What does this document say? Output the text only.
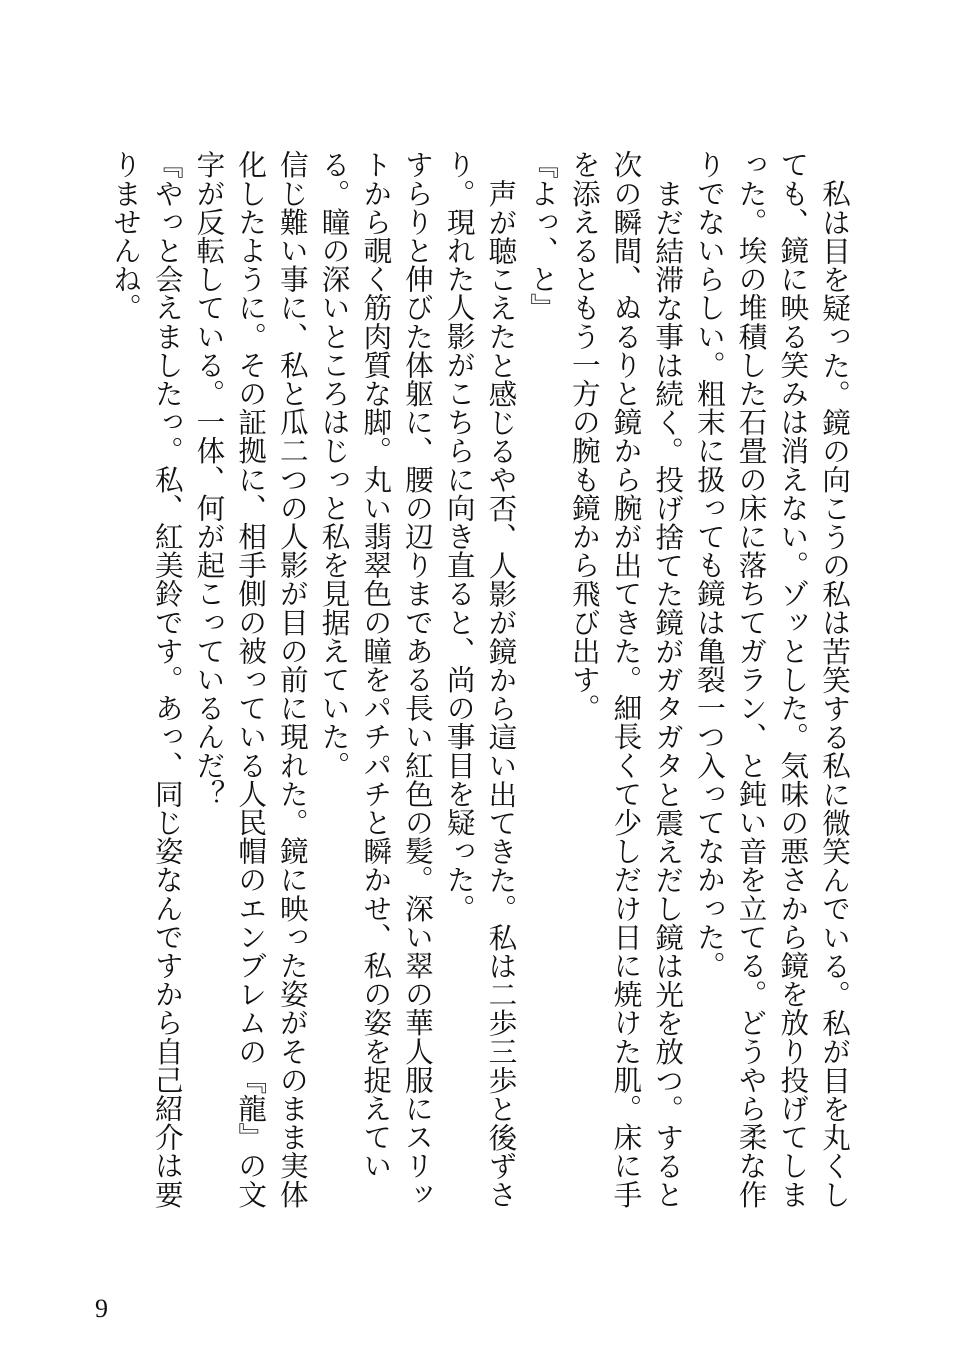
私は目を疑った。鏡の向こうの私は苦笑する私に微笑んでいる。私が目を丸くしても、鏡に映る笑みは消えない。ゾッとした。気味の悪さから鏡を放り投げてしまった。埃の堆積した石畳の床に落ちてガラン、と鈍い音を立てる。どうやら柔な作りでないらしい。粗末に扱っても鏡は亀裂一つ入ってなかった。

まだ結滞な事は続く。投げ捨てた鏡がガタガタと震えだし鏡は光を放つ。すると次の瞬間、ぬるりと鏡から腕が出てきた。細長くて少しだけ日に焼けた肌。床に手を添えるともう一方の腕も鏡から飛び出す。

『よっ、と』

声が聴こえたと感じるや否、人影が鏡から這い出てきた。私は二歩三歩と後ずさり。現れた人影がこちらに向き直ると、尚の事目を疑った。

すらりと伸びた体躯に、腰の辺りまである長い紅色の髪。深い翠の華人服にスリットから覗く筋肉質な脚。丸い翡翠色の瞳をパチパチと瞬かせ、私の姿を捉えている。瞳の深いところはじっと私を見据えていた。

信じ難い事に、私と瓜二つの人影が目の前に現れた。鏡に映った姿がそのまま実体化したように。その証拠に、相手側の被っている人民帽のエンブレムの『龍』の文字が反転している。一体、何が起こっているんだ？

『やっと会えましたっ。私、紅美鈴です。あっ、同じ姿なんですから自己紹介は要りませんね。

9
